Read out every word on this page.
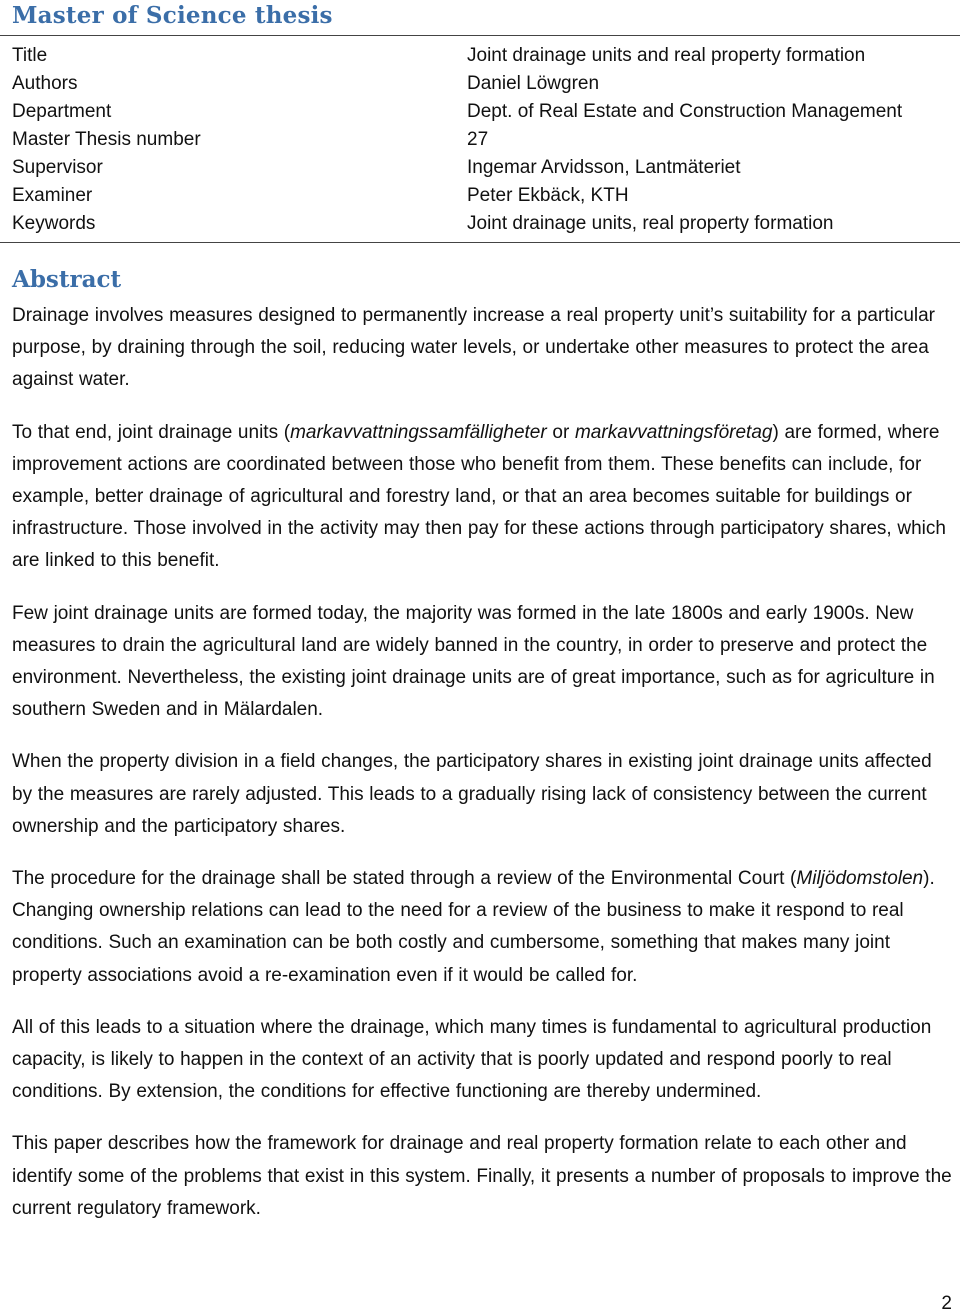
Master of Science thesis
Title	Joint drainage units and real property formation
Authors	Daniel Löwgren
Department	Dept. of Real Estate and Construction Management
Master Thesis number	27
Supervisor	Ingemar Arvidsson, Lantmäteriet
Examiner	Peter Ekbäck, KTH
Keywords	Joint drainage units, real property formation
Abstract

Drainage involves measures designed to permanently increase a real property unit’s suitability for a particular purpose, by draining through the soil, reducing water levels, or undertake other measures to protect the area against water.

To that end, joint drainage units (markavvattningssamfälligheter or markavvattningsföretag) are formed, where improvement actions are coordinated between those who benefit from them. These benefits can include, for example, better drainage of agricultural and forestry land, or that an area becomes suitable for buildings or infrastructure. Those involved in the activity may then pay for these actions through participatory shares, which are linked to this benefit.

Few joint drainage units are formed today, the majority was formed in the late 1800s and early 1900s. New measures to drain the agricultural land are widely banned in the country, in order to preserve and protect the environment. Nevertheless, the existing joint drainage units are of great importance, such as for agriculture in southern Sweden and in Mälardalen.

When the property division in a field changes, the participatory shares in existing joint drainage units affected by the measures are rarely adjusted. This leads to a gradually rising lack of consistency between the current ownership and the participatory shares.

The procedure for the drainage shall be stated through a review of the Environmental Court (Miljödomstolen). Changing ownership relations can lead to the need for a review of the business to make it respond to real conditions. Such an examination can be both costly and cumbersome, something that makes many joint property associations avoid a re-examination even if it would be called for.

All of this leads to a situation where the drainage, which many times is fundamental to agricultural production capacity, is likely to happen in the context of an activity that is poorly updated and respond poorly to real conditions. By extension, the conditions for effective functioning are thereby undermined.

This paper describes how the framework for drainage and real property formation relate to each other and identify some of the problems that exist in this system. Finally, it presents a number of proposals to improve the current regulatory framework.

2
